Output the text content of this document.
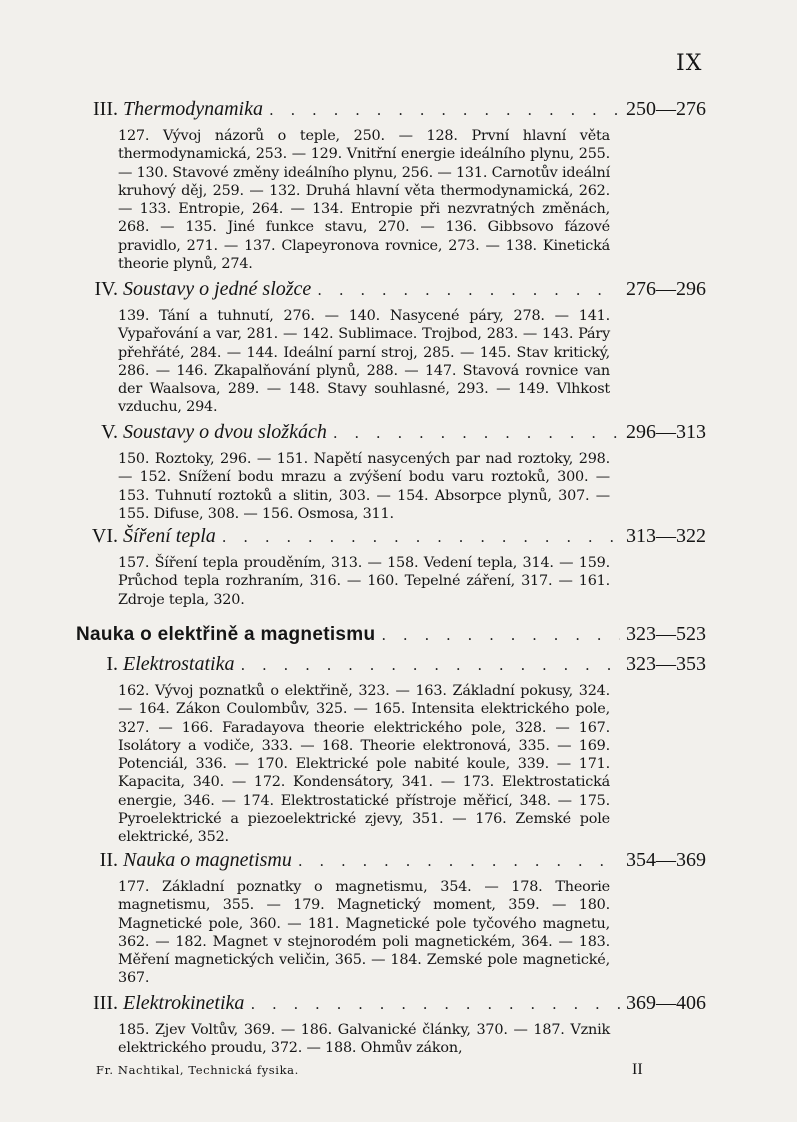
IX
III. Thermodynamika . . .	250—276
127. Vývoj názorů o teple, 250. — 128. První hlavní věta thermodynamická, 253. — 129. Vnitřní energie ideálního plynu, 255. — 130. Stavové změny ideálního plynu, 256. — 131. Carnotův ideální kruhový děj, 259. — 132. Druhá hlavní věta thermodynamická, 262. — 133. Entropie, 264. — 134. Entropie při nezvratných změnách, 268. — 135. Jiné funkce stavu, 270. — 136. Gibbsovo fázové pravidlo, 271. — 137. Clapeyronova rovnice, 273. — 138. Kinetická theorie plynů, 274.
IV. Soustavy o jedné složce . . .	276—296
139. Tání a tuhnutí, 276. — 140. Nasycené páry, 278. — 141. Vypařování a var, 281. — 142. Sublimace. Trojbod, 283. — 143. Páry přehřáté, 284. — 144. Ideální parní stroj, 285. — 145. Stav kritický, 286. — 146. Zkapalňování plynů, 288. — 147. Stavová rovnice van der Waalsova, 289. — 148. Stavy souhlasné, 293. — 149. Vlhkost vzduchu, 294.
V. Soustavy o dvou složkách . . .	296—313
150. Roztoky, 296. — 151. Napětí nasycených par nad roztoky, 298. — 152. Snížení bodu mrazu a zvýšení bodu varu roztoků, 300. — 153. Tuhnutí roztoků a slitin, 303. — 154. Absorpce plynů, 307. — 155. Difuse, 308. — 156. Osmosa, 311.
VI. Šíření tepla . . .	313—322
157. Šíření tepla prouděním, 313. — 158. Vedení tepla, 314. — 159. Průchod tepla rozhraním, 316. — 160. Tepelné záření, 317. — 161. Zdroje tepla, 320.
Nauka o elektřině a magnetismu . . .	323—523
I. Elektrostatika . . .	323—353
162. Vývoj poznatků o elektřině, 323. — 163. Základní pokusy, 324. — 164. Zákon Coulombův, 325. — 165. Intensita elektrického pole, 327. — 166. Faradayova theorie elektrického pole, 328. — 167. Isolátory a vodiče, 333. — 168. Theorie elektronová, 335. — 169. Potenciál, 336. — 170. Elektrické pole nabité koule, 339. — 171. Kapacita, 340. — 172. Kondensátory, 341. — 173. Elektrostatická energie, 346. — 174. Elektrostatické přístroje měřicí, 348. — 175. Pyroelektrické a piezoelektrické zjevy, 351. — 176. Zemské pole elektrické, 352.
II. Nauka o magnetismu . . .	354—369
177. Základní poznatky o magnetismu, 354. — 178. Theorie magnetismu, 355. — 179. Magnetický moment, 359. — 180. Magnetické pole, 360. — 181. Magnetické pole tyčového magnetu, 362. — 182. Magnet v stejnorodém poli magnetickém, 364. — 183. Měření magnetických veličin, 365. — 184. Zemské pole magnetické, 367.
III. Elektrokinetika . . .	369—406
185. Zjev Voltův, 369. — 186. Galvanické články, 370. — 187. Vznik elektrického proudu, 372. — 188. Ohmův zákon,
Fr. Nachtikal, Technická fysika.	II
